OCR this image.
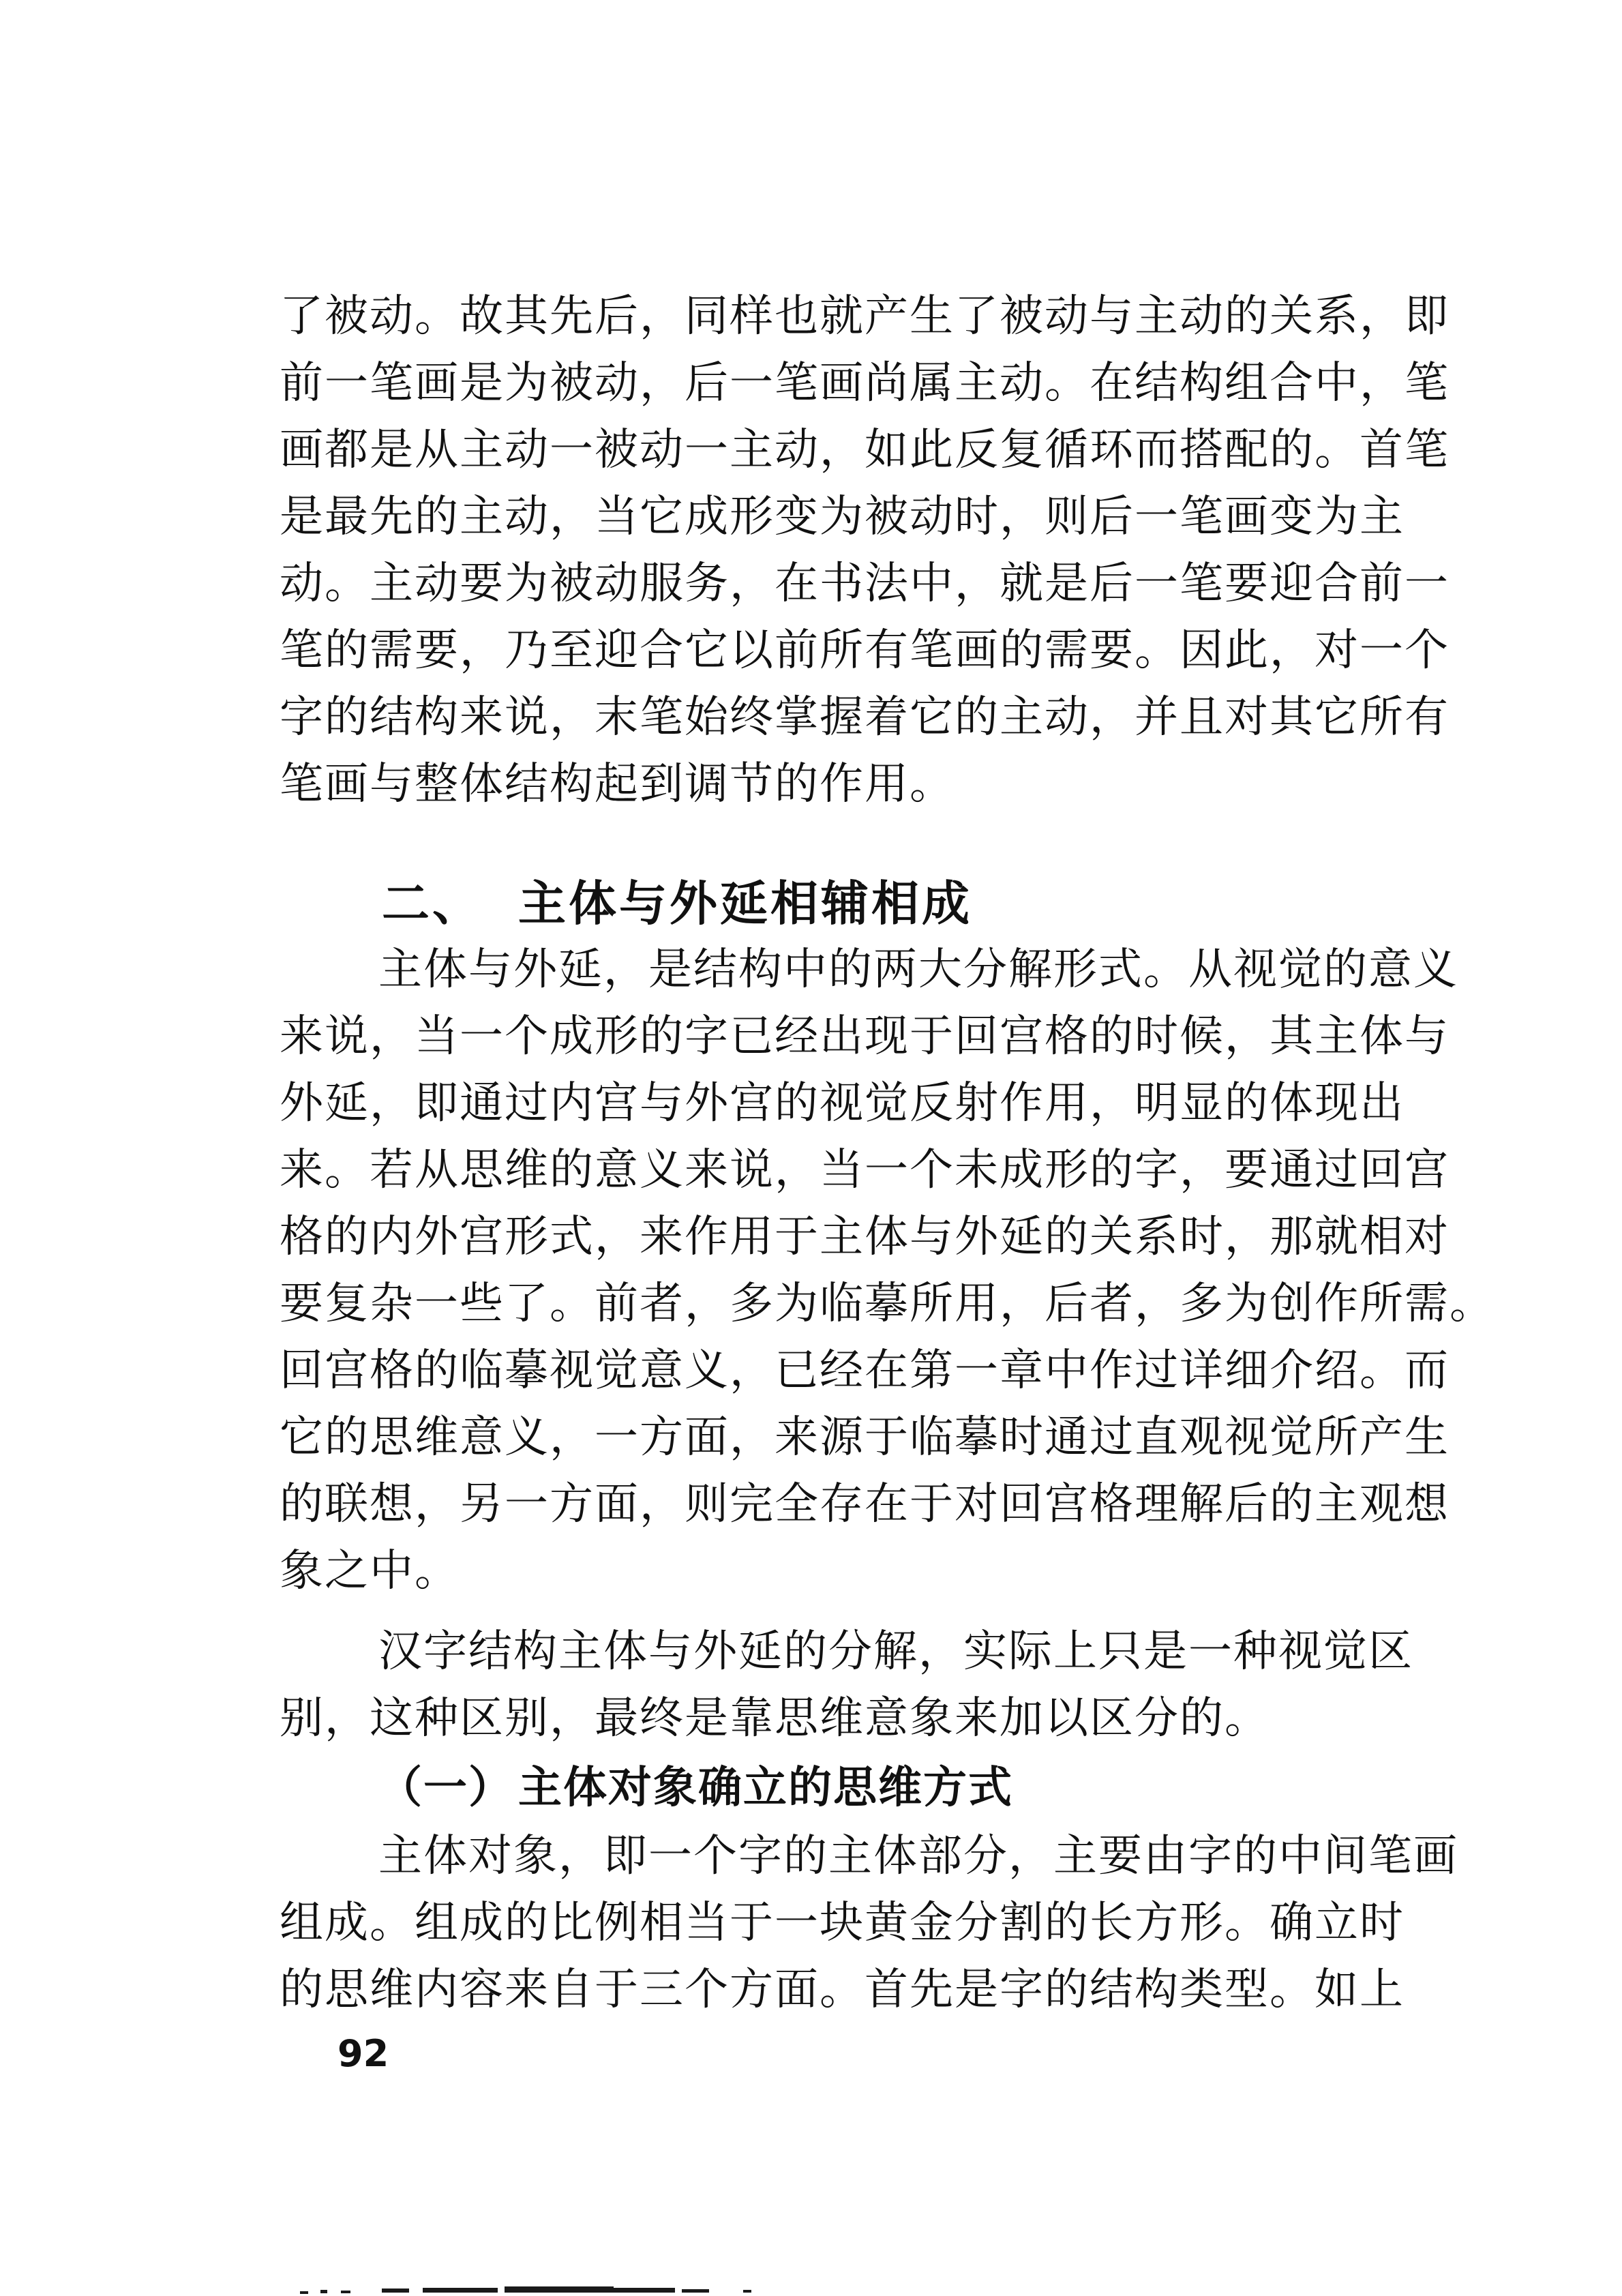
了被动。故其先后，同样也就产生了被动与主动的关系，即
前一笔画是为被动，后一笔画尚属主动。在结构组合中，笔
画都是从主动一被动一主动，如此反复循环而搭配的。首笔
是最先的主动，当它成形变为被动时，则后一笔画变为主
动。主动要为被动服务，在书法中，就是后一笔要迎合前一
笔的需要，乃至迎合它以前所有笔画的需要。因此，对一个
字的结构来说，末笔始终掌握着它的主动，并且对其它所有
笔画与整体结构起到调节的作用。
二、 主体与外延相辅相成
主体与外延，是结构中的两大分解形式。从视觉的意义
来说，当一个成形的字已经出现于回宫格的时候，其主体与
外延，即通过内宫与外宫的视觉反射作用，明显的体现出
来。若从思维的意义来说，当一个未成形的字，要通过回宫
格的内外宫形式，来作用于主体与外延的关系时，那就相对
要复杂一些了。前者，多为临摹所用，后者，多为创作所需。
回宫格的临摹视觉意义，已经在第一章中作过详细介绍。而
它的思维意义，一方面，来源于临摹时通过直观视觉所产生
的联想，另一方面，则完全存在于对回宫格理解后的主观想
象之中。
汉字结构主体与外延的分解，实际上只是一种视觉区
别，这种区别，最终是靠思维意象来加以区分的。
（一） 主体对象确立的思维方式
主体对象，即一个字的主体部分，主要由字的中间笔画
组成。组成的比例相当于一块黄金分割的长方形。确立时
的思维内容来自于三个方面。首先是字的结构类型。如上
92
